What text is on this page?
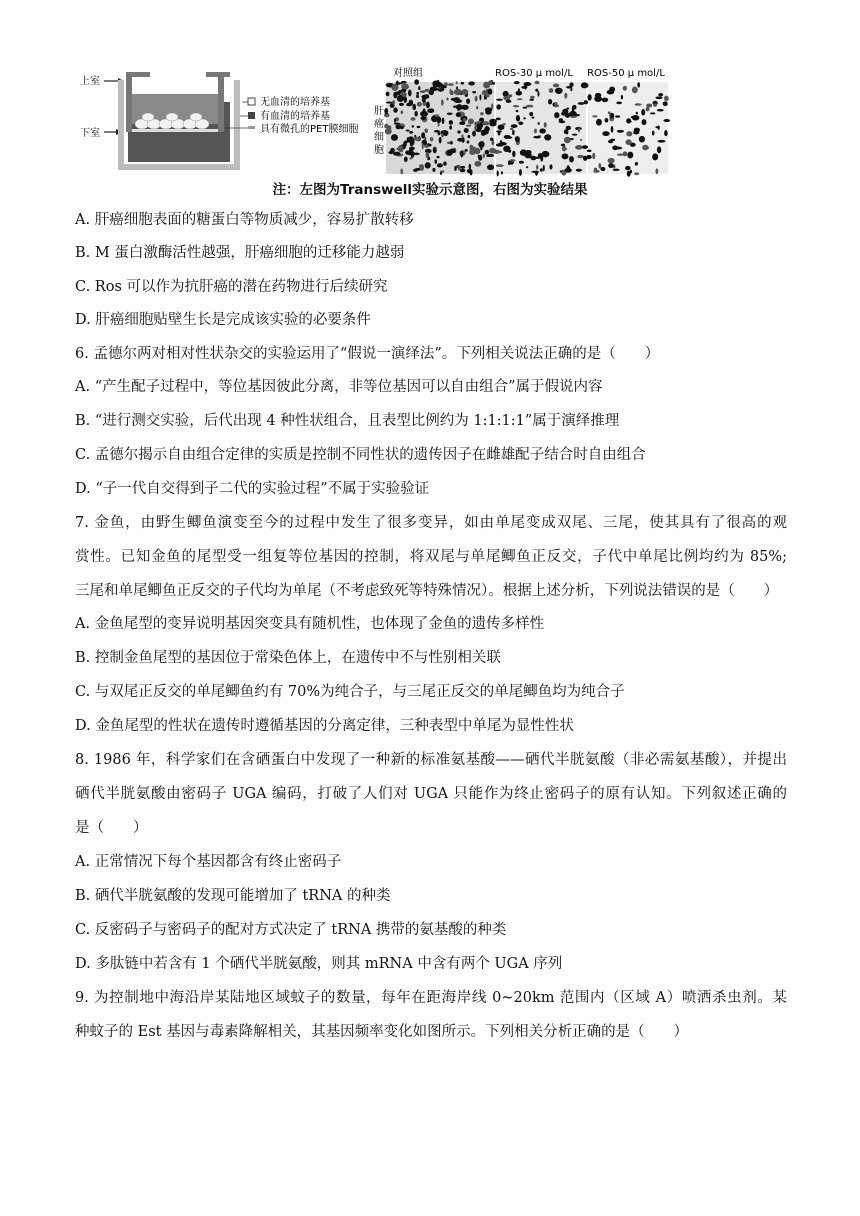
上室
下室
无血清的培养基
有血清的培养基
具有微孔的PET膜细胞
对照组	ROS-30 μ mol/L ROS-50 μ mol/L
肝
癌
细
胞
注：左图为Transwell实验示意图，右图为实验结果
A. 肝癌细胞表面的糖蛋白等物质减少，容易扩散转移
B. M 蛋白激酶活性越强，肝癌细胞的迁移能力越弱
C. Ros 可以作为抗肝癌的潜在药物进行后续研究
D. 肝癌细胞贴壁生长是完成该实验的必要条件
6. 孟德尔两对相对性状杂交的实验运用了“假说一演绎法”。下列相关说法正确的是（　　）
A. “产生配子过程中，等位基因彼此分离，非等位基因可以自由组合”属于假说内容
B. “进行测交实验，后代出现 4 种性状组合，且表型比例约为 1:1:1:1”属于演绎推理
C. 孟德尔揭示自由组合定律的实质是控制不同性状的遗传因子在雌雄配子结合时自由组合
D. “子一代自交得到子二代的实验过程”不属于实验验证
7. 金鱼，由野生鲫鱼演变至今的过程中发生了很多变异，如由单尾变成双尾、三尾，使其具有了很高的观
赏性。已知金鱼的尾型受一组复等位基因的控制，将双尾与单尾鲫鱼正反交，子代中单尾比例均约为 85%;
三尾和单尾鲫鱼正反交的子代均为单尾（不考虑致死等特殊情况）。根据上述分析，下列说法错误的是（　　）
A. 金鱼尾型的变异说明基因突变具有随机性，也体现了金鱼的遗传多样性
B. 控制金鱼尾型的基因位于常染色体上，在遗传中不与性别相关联
C. 与双尾正反交的单尾鲫鱼约有 70%为纯合子，与三尾正反交的单尾鲫鱼均为纯合子
D. 金鱼尾型的性状在遗传时遵循基因的分离定律，三种表型中单尾为显性性状
8. 1986 年，科学家们在含硒蛋白中发现了一种新的标准氨基酸——硒代半胱氨酸（非必需氨基酸），并提出
硒代半胱氨酸由密码子 UGA 编码，打破了人们对 UGA 只能作为终止密码子的原有认知。下列叙述正确的
是（　　）
A. 正常情况下每个基因都含有终止密码子
B. 硒代半胱氨酸的发现可能增加了 tRNA 的种类
C. 反密码子与密码子的配对方式决定了 tRNA 携带的氨基酸的种类
D. 多肽链中若含有 1 个硒代半胱氨酸，则其 mRNA 中含有两个 UGA 序列
9. 为控制地中海沿岸某陆地区域蚊子的数量，每年在距海岸线 0~20km 范围内（区域 A）喷洒杀虫剂。某
种蚊子的 Est 基因与毒素降解相关，其基因频率变化如图所示。下列相关分析正确的是（　　）
